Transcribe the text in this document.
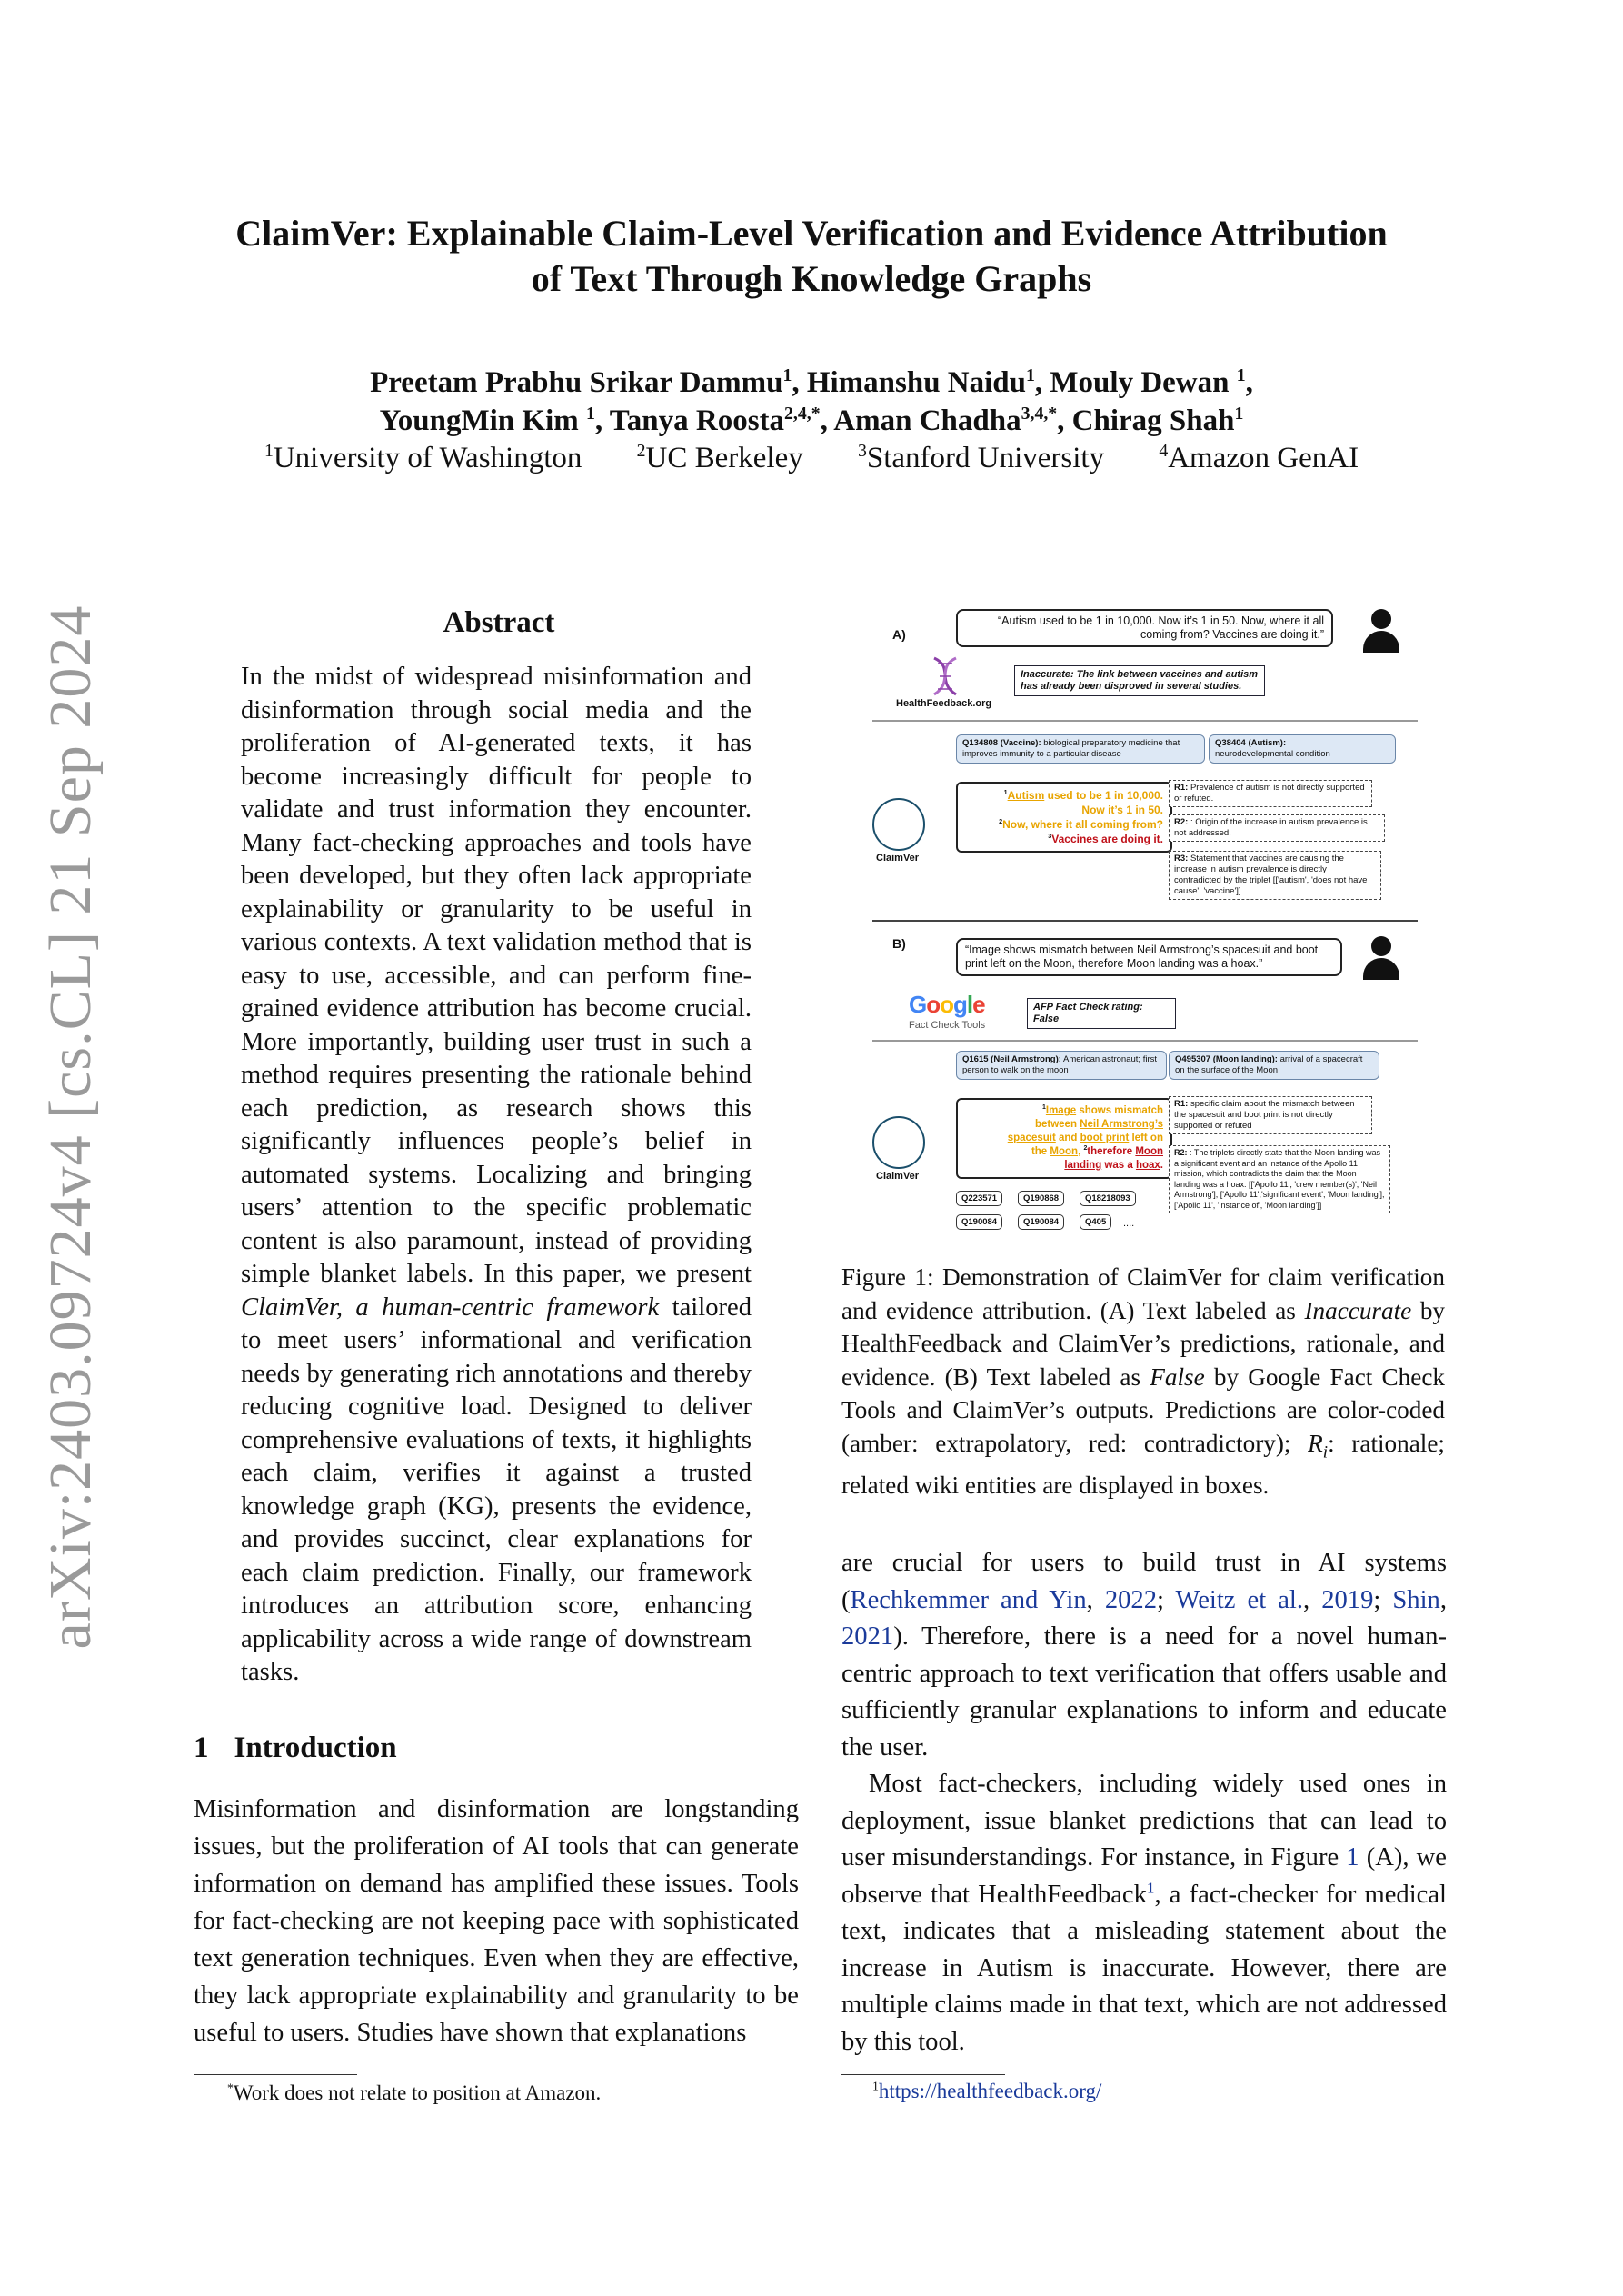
arXiv:2403.09724v4 [cs.CL] 21 Sep 2024
ClaimVer: Explainable Claim-Level Verification and Evidence Attribution
of Text Through Knowledge Graphs
Preetam Prabhu Srikar Dammu$^1$, Himanshu Naidu$^1$, Mouly Dewan $^1$,
YoungMin Kim $^1$, Tanya Roosta$^{2,4,*}$, Aman Chadha$^{3,4,*}$, Chirag Shah$^1$
$^1$University of Washington	$^2$UC Berkeley	$^3$Stanford University	$^4$Amazon GenAI
Abstract
In the midst of widespread misinformation and disinformation through social media and the proliferation of AI-generated texts, it has become increasingly difficult for people to validate and trust information they encounter. Many fact-checking approaches and tools have been developed, but they often lack appropriate explainability or granularity to be useful in various contexts. A text validation method that is easy to use, accessible, and can perform fine-grained evidence attribution has become crucial. More importantly, building user trust in such a method requires presenting the rationale behind each prediction, as research shows this significantly influences people’s belief in automated systems. Localizing and bringing users’ attention to the specific problematic content is also paramount, instead of providing simple blanket labels. In this paper, we present ClaimVer, a human-centric framework tailored to meet users’ informational and verification needs by generating rich annotations and thereby reducing cognitive load. Designed to deliver comprehensive evaluations of texts, it highlights each claim, verifies it against a trusted knowledge graph (KG), presents the evidence, and provides succinct, clear explanations for each claim prediction. Finally, our framework introduces an attribution score, enhancing applicability across a wide range of downstream tasks.
1 Introduction
Misinformation and disinformation are longstanding issues, but the proliferation of AI tools that can generate information on demand has amplified these issues. Tools for fact-checking are not keeping pace with sophisticated text generation techniques. Even when they are effective, they lack appropriate explainability and granularity to be useful to users. Studies have shown that explanations
*Work does not relate to position at Amazon.
A)
“Autism used to be 1 in 10,000. Now it’s 1 in 50. Now, where it all coming from? Vaccines are doing it.”
HealthFeedback.org
Inaccurate: The link between vaccines and autism has already been disproved in several studies.
Q134808 (Vaccine): biological preparatory medicine that improves immunity to a particular disease
Q38404 (Autism):
neurodevelopmental condition
ClaimVer
$^1$Autism used to be 1 in 10,000.
Now it’s 1 in 50.
$^2$Now, where it all coming from?
$^3$Vaccines are doing it.
R1: Prevalence of autism is not directly supported or refuted.
R2: : Origin of the increase in autism prevalence is not addressed.
R3: Statement that vaccines are causing the increase in autism prevalence is directly contradicted by the triplet [['autism', 'does not have cause', 'vaccine']]
B)	“Image shows mismatch between Neil Armstrong’s spacesuit and boot print left on the Moon, therefore Moon landing was a hoax.”
Google
Fact Check Tools
AFP Fact Check rating: False
Q1615 (Neil Armstrong): American astronaut; first person to walk on the moon
Q495307 (Moon landing): arrival of a spacecraft on the surface of the Moon
ClaimVer
$^1$Image shows mismatch
between Neil Armstrong’s
spacesuit and boot print left on
the Moon, $^2$therefore Moon
landing was a hoax.
R1: specific claim about the mismatch between the spacesuit and boot print is not directly supported or refuted
R2: : The triplets directly state that the Moon landing was a significant event and an instance of the Apollo 11 mission, which contradicts the claim that the Moon landing was a hoax. [['Apollo 11', 'crew member(s)', 'Neil Armstrong'], ['Apollo 11','significant event', 'Moon landing'], ['Apollo 11', 'instance of', 'Moon landing']]
Q223571	Q190868	Q18218093
Q190084	Q190084	Q405	....
Figure 1: Demonstration of ClaimVer for claim verification and evidence attribution. (A) Text labeled as Inaccurate by HealthFeedback and ClaimVer’s predictions, rationale, and evidence. (B) Text labeled as False by Google Fact Check Tools and ClaimVer’s outputs. Predictions are color-coded (amber: extrapolatory, red: contradictory); $R_i$: rationale; related wiki entities are displayed in boxes.

are crucial for users to build trust in AI systems (Rechkemmer and Yin, 2022; Weitz et al., 2019; Shin, 2021). Therefore, there is a need for a novel human-centric approach to text verification that offers usable and sufficiently granular explanations to inform and educate the user.

Most fact-checkers, including widely used ones in deployment, issue blanket predictions that can lead to user misunderstandings. For instance, in Figure 1 (A), we observe that HealthFeedback$^1$, a fact-checker for medical text, indicates that a misleading statement about the increase in Autism is inaccurate. However, there are multiple claims made in that text, which are not addressed by this tool.

$^1$https://healthfeedback.org/
